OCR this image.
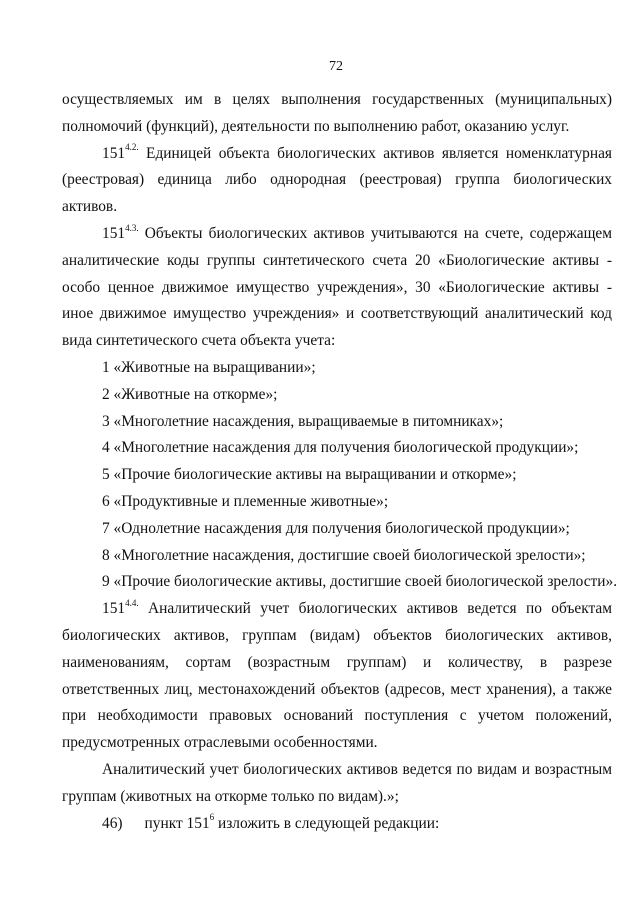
72

осуществляемых им в целях выполнения государственных (муниципальных) полномочий (функций), деятельности по выполнению работ, оказанию услуг.

$151^{4.2.}$ Единицей объекта биологических активов является номенклатурная (реестровая) единица либо однородная (реестровая) группа биологических активов.

$151^{4.3.}$ Объекты биологических активов учитываются на счете, содержащем аналитические коды группы синтетического счета 20 «Биологические активы - особо ценное движимое имущество учреждения», 30 «Биологические активы - иное движимое имущество учреждения» и соответствующий аналитический код вида синтетического счета объекта учета:

1 «Животные на выращивании»;

2 «Животные на откорме»;

3 «Многолетние насаждения, выращиваемые в питомниках»;

4 «Многолетние насаждения для получения биологической продукции»;

5 «Прочие биологические активы на выращивании и откорме»;

6 «Продуктивные и племенные животные»;

7 «Однолетние насаждения для получения биологической продукции»;

8 «Многолетние насаждения, достигшие своей биологической зрелости»;

9 «Прочие биологические активы, достигшие своей биологической зрелости».

$151^{4.4.}$ Аналитический учет биологических активов ведется по объектам биологических активов, группам (видам) объектов биологических активов, наименованиям, сортам (возрастным группам) и количеству, в разрезе ответственных лиц, местонахождений объектов (адресов, мест хранения), а также при необходимости правовых оснований поступления с учетом положений, предусмотренных отраслевыми особенностями.

Аналитический учет биологических активов ведется по видам и возрастным группам (животных на откорме только по видам).»;

46) пункт $151^6$ изложить в следующей редакции:
